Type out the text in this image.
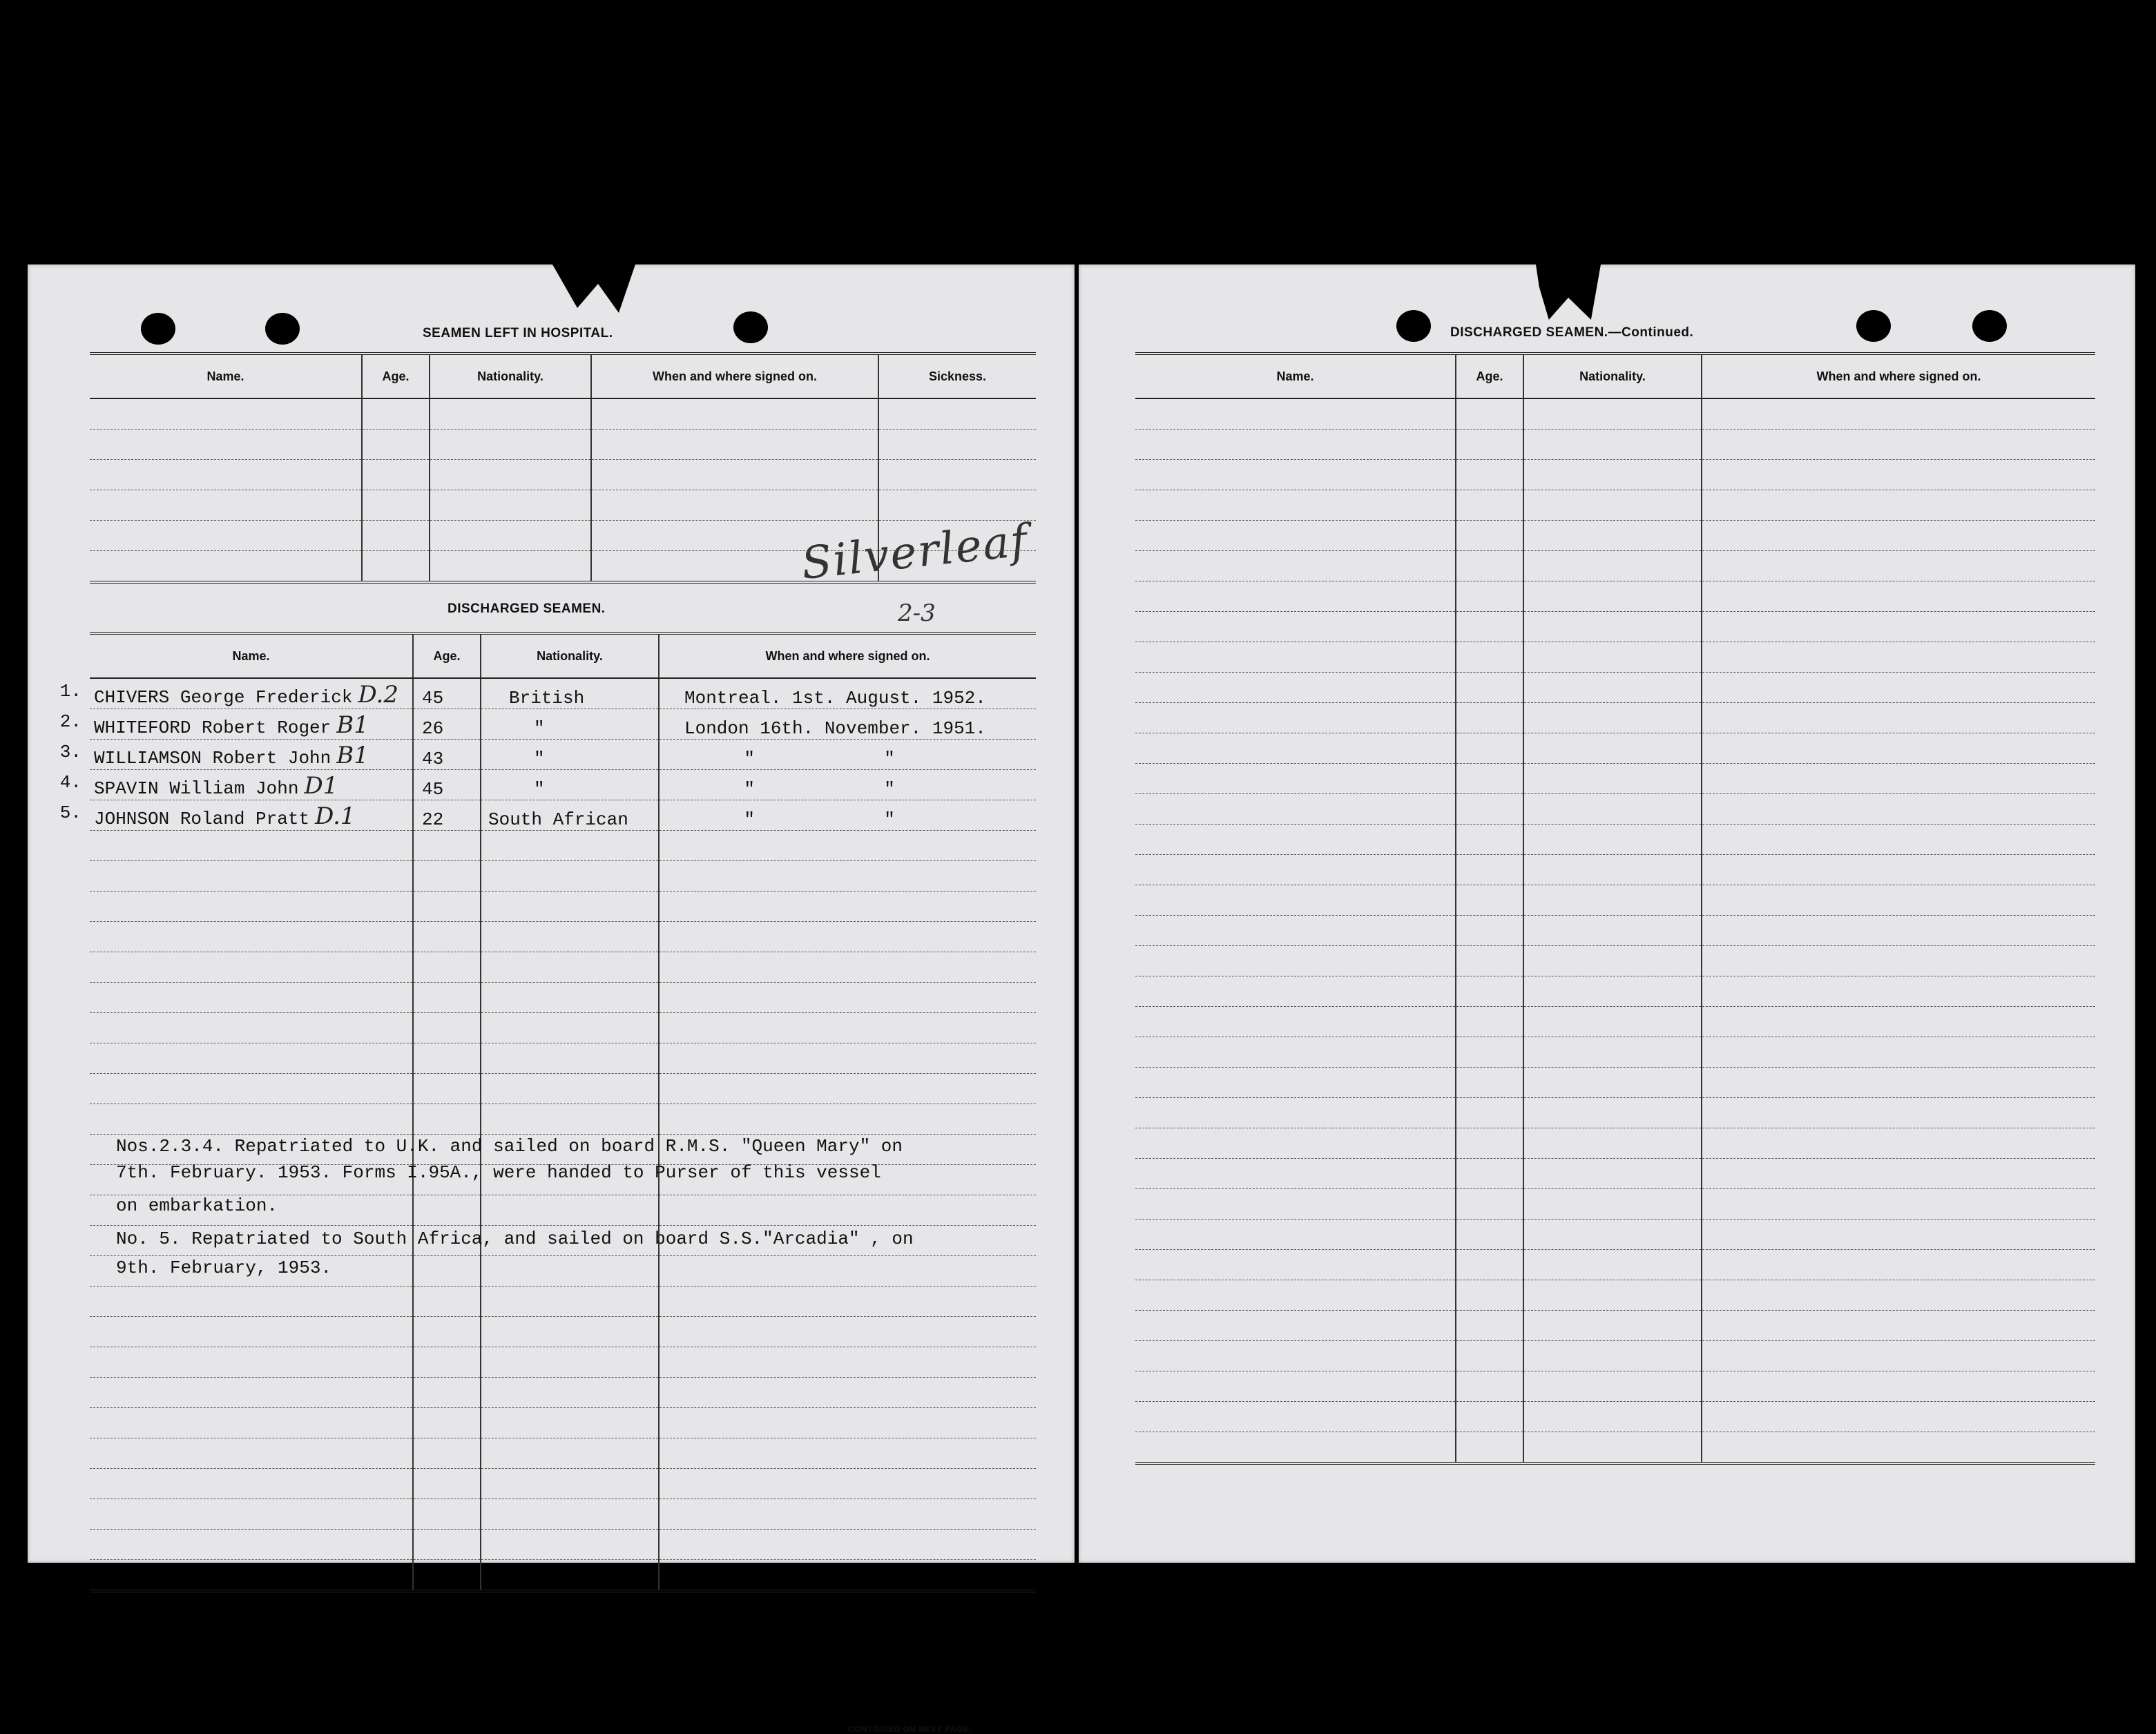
SEAMEN LEFT IN HOSPITAL.
Silverleaf
2-3
Name.	Age.	Nationality.	When and where signed on.	Sickness.

DISCHARGED SEAMEN.
Name.	Age.	Nationality.	When and where signed on.

1. CHIVERS George Frederick D.2	45	British	Montreal. 1st. August. 1952.

2. WHITEFORD Robert Roger B1	26	"	London 16th. November. 1951.

3. WILLIAMSON Robert John B1	43	"	"            "

4. SPAVIN William John D1	45	"	"            "

5. JOHNSON Roland Pratt D.1	22	South African	"            "

Nos.2.3.4. Repatriated to U.K. and sailed on board R.M.S. "Queen Mary" on
7th. February. 1953. Forms I.95A., were handed to Purser of this vessel
on embarkation.
No. 5. Repatriated to South Africa, and sailed on board S.S."Arcadia" , on
9th. February, 1953.
CONTINUED ON NEXT PAGE.
DISCHARGED SEAMEN.—Continued.
Name.	Age.	Nationality.	When and where signed on.
